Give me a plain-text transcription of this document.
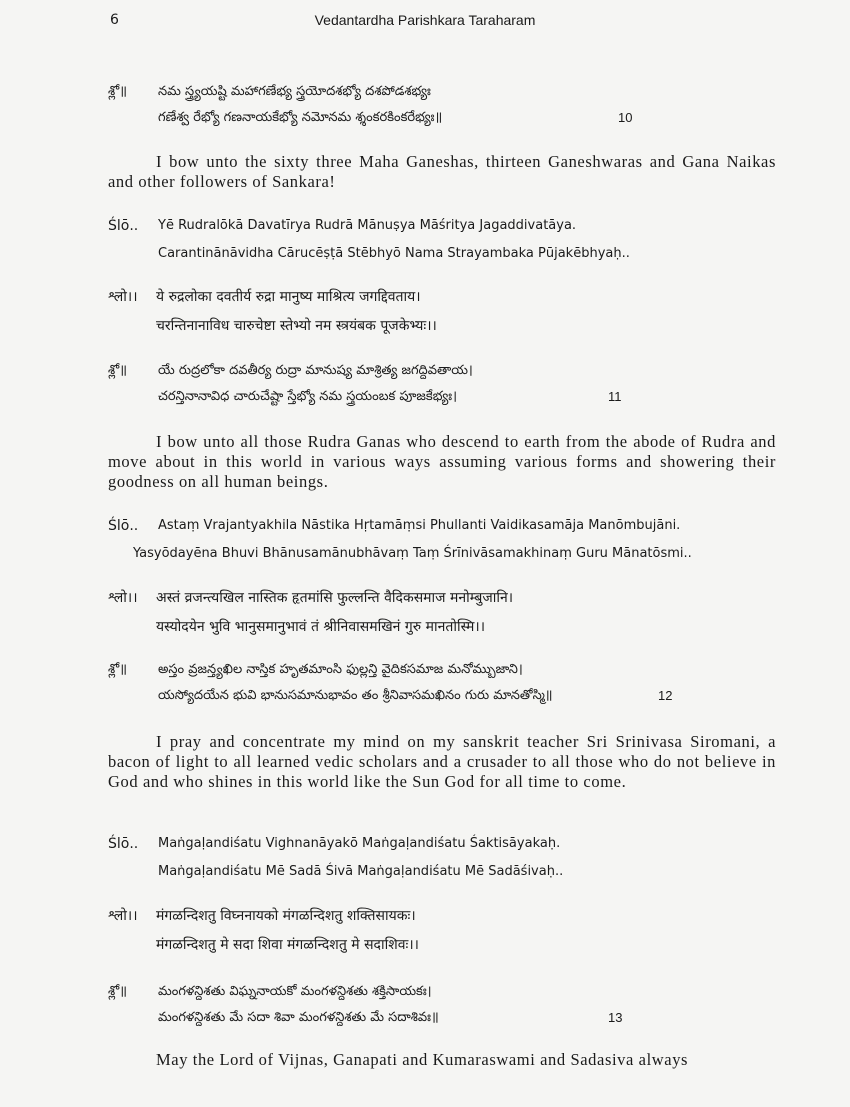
6	Vedantardha Parishkara Taraharam
శ్లో॥ నమ స్త్ర్యయష్టి మహాగణేభ్య స్త్రయోదశభ్యో దశపోడశభ్యః
గణేశ్వ రేభ్యో గణనాయకేభ్యో నమోనమ శ్శంకరకింకరేభ్యః॥	10
I bow unto the sixty three Maha Ganeshas, thirteen Ganeshwaras and Gana Naikas and other followers of Sankara!
Ślō.. Yē Rudralōkā Davatīrya Rudrā Mānuṣya Māśritya Jagaddivatāya.
Carantinānāvidha Cārucēṣṭā Stēbhyō Nama Strayambaka Pūjakēbhyaḥ..
श्लो।। ये रुद्रलोका दवतीर्य रुद्रा मानुष्य माश्रित्य जगद्दिवताय।
चरन्तिनानाविध चारुचेष्टा स्तेभ्यो नम स्त्रयंबक पूजकेभ्यः।।
శ్లో॥ యే రుద్రలోకా దవతీర్య రుద్రా మానుష్య మాశ్రిత్య జగద్దివతాయ।
చరన్తినానావిధ చారుచేష్టా స్తేభ్యో నమ స్త్రయంబక పూజకేభ్యః।	11
I bow unto all those Rudra Ganas who descend to earth from the abode of Rudra and move about in this world in various ways assuming various forms and showering their goodness on all human beings.
Ślō.. Astaṃ Vrajantyakhila Nāstika Hṛtamāṃsi Phullanti Vaidikasamāja Manōmbujāni.
Yasyōdayēna Bhuvi Bhānusamānubhāvaṃ Taṃ Śrīnivāsamakhinaṃ Guru Mānatōsmi..
श्लो।। अस्तं व्रजन्त्यखिल नास्तिक हृतमांसि फुल्लन्ति वैदिकसमाज मनोम्बुजानि।
यस्योदयेन भुवि भानुसमानुभावं तं श्रीनिवासमखिनं गुरु मानतोस्मि।।
శ్లో॥ అస్తం వ్రజన్త్యఖిల నాస్తిక హృతమాంసి ఫుల్లన్తి వైదికసమాజ మనోమ్బుజాని।
యస్యోదయేన భువి భానుసమానుభావం తం శ్రీనివాసమఖినం గురు మానతోస్మి॥	12
I pray and concentrate my mind on my sanskrit teacher Sri Srinivasa Siromani, a bacon of light to all learned vedic scholars and a crusader to all those who do not believe in God and who shines in this world like the Sun God for all time to come.
Ślō.. Maṅgaḷandiśatu Vighnanāyakō Maṅgaḷandiśatu Śaktisāyakaḥ.
Maṅgaḷandiśatu Mē Sadā Śivā Maṅgaḷandiśatu Mē Sadāśivaḥ..
श्लो।। मंगळन्दिशतु विघ्ननायको मंगळन्दिशतु शक्तिसायकः।
मंगळन्दिशतु मे सदा शिवा मंगळन्दिशतु मे सदाशिवः।।
శ్లో॥ మంగళన్దిశతు విఘ్ననాయకో మంగళన్దిశతు శక్తిసాయకః।
మంగళన్దిశతు మే సదా శివా మంగళన్దిశతు మే సదాశివః॥	13
May the Lord of Vijnas, Ganapati and Kumaraswami and Sadasiva always
